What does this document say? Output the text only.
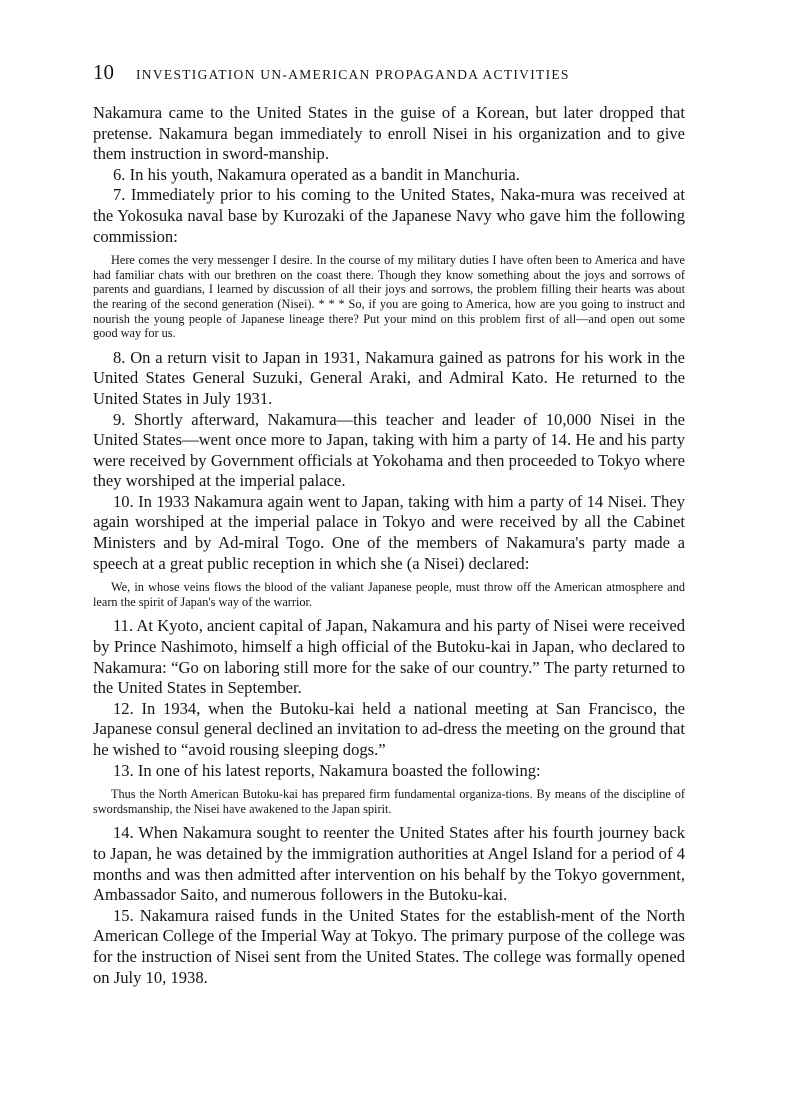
10 INVESTIGATION UN-AMERICAN PROPAGANDA ACTIVITIES

Nakamura came to the United States in the guise of a Korean, but later dropped that pretense. Nakamura began immediately to enroll Nisei in his organization and to give them instruction in sword-manship.

6. In his youth, Nakamura operated as a bandit in Manchuria.

7. Immediately prior to his coming to the United States, Naka-mura was received at the Yokosuka naval base by Kurozaki of the Japanese Navy who gave him the following commission:

Here comes the very messenger I desire. In the course of my military duties I have often been to America and have had familiar chats with our brethren on the coast there. Though they know something about the joys and sorrows of parents and guardians, I learned by discussion of all their joys and sorrows, the problem filling their hearts was about the rearing of the second generation (Nisei). * * * So, if you are going to America, how are you going to instruct and nourish the young people of Japanese lineage there? Put your mind on this problem first of all—and open out some good way for us.

8. On a return visit to Japan in 1931, Nakamura gained as patrons for his work in the United States General Suzuki, General Araki, and Admiral Kato. He returned to the United States in July 1931.

9. Shortly afterward, Nakamura—this teacher and leader of 10,000 Nisei in the United States—went once more to Japan, taking with him a party of 14. He and his party were received by Government officials at Yokohama and then proceeded to Tokyo where they worshiped at the imperial palace.

10. In 1933 Nakamura again went to Japan, taking with him a party of 14 Nisei. They again worshiped at the imperial palace in Tokyo and were received by all the Cabinet Ministers and by Ad-miral Togo. One of the members of Nakamura's party made a speech at a great public reception in which she (a Nisei) declared:

We, in whose veins flows the blood of the valiant Japanese people, must throw off the American atmosphere and learn the spirit of Japan's way of the warrior.

11. At Kyoto, ancient capital of Japan, Nakamura and his party of Nisei were received by Prince Nashimoto, himself a high official of the Butoku-kai in Japan, who declared to Nakamura: “Go on laboring still more for the sake of our country.” The party returned to the United States in September.

12. In 1934, when the Butoku-kai held a national meeting at San Francisco, the Japanese consul general declined an invitation to ad-dress the meeting on the ground that he wished to “avoid rousing sleeping dogs.”

13. In one of his latest reports, Nakamura boasted the following:

Thus the North American Butoku-kai has prepared firm fundamental organiza-tions. By means of the discipline of swordsmanship, the Nisei have awakened to the Japan spirit.

14. When Nakamura sought to reenter the United States after his fourth journey back to Japan, he was detained by the immigration authorities at Angel Island for a period of 4 months and was then admitted after intervention on his behalf by the Tokyo government, Ambassador Saito, and numerous followers in the Butoku-kai.

15. Nakamura raised funds in the United States for the establish-ment of the North American College of the Imperial Way at Tokyo. The primary purpose of the college was for the instruction of Nisei sent from the United States. The college was formally opened on July 10, 1938.
